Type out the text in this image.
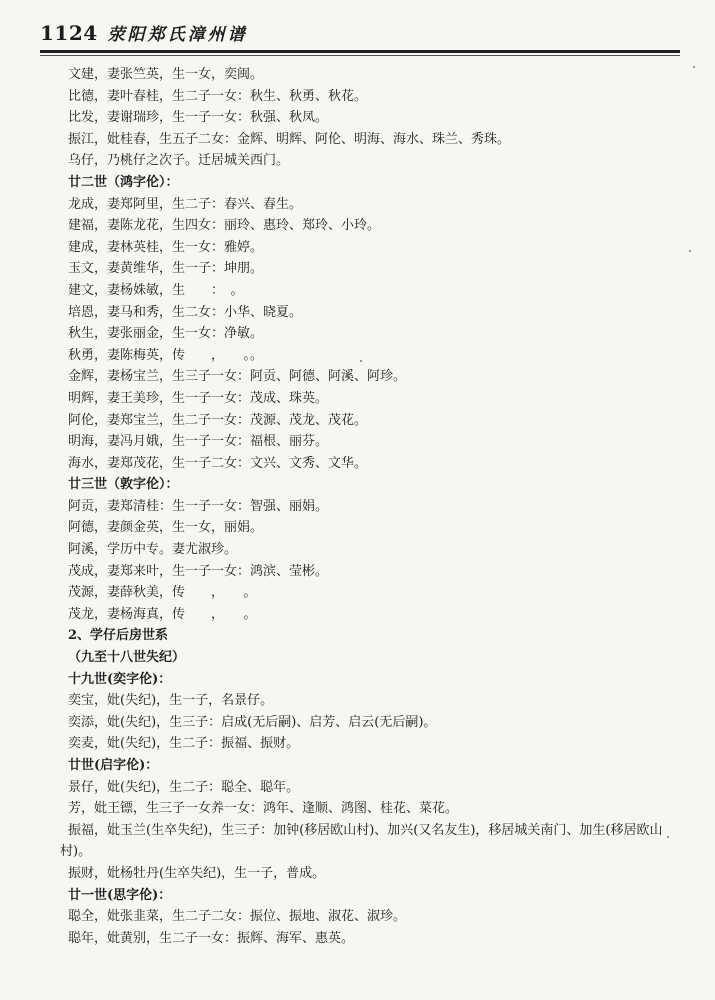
1124 荥阳郑氏漳州谱
文建，妻张竺英，生一女，奕闽。
比德，妻叶春桂，生二子一女：秋生、秋勇、秋花。
比发，妻谢瑞珍，生一子一女：秋强、秋凤。
振江，妣桂春，生五子二女：金辉、明辉、阿伦、明海、海水、珠兰、秀珠。
乌仔，乃桃仔之次子。迁居城关西门。
廿二世（鸿字伦）：
龙成，妻郑阿里，生二子：春兴、春生。
建福，妻陈龙花，生四女：丽玲、惠玲、郑玲、小玲。
建成，妻林英桂，生一女：雅婷。
玉文，妻黄维华，生一子：坤朋。
建文，妻杨姝敏，生　　：　。
培恩，妻马和秀，生二女：小华、晓夏。
秋生，妻张丽金，生一女：净敏。
秋勇，妻陈梅英，传　　，　　。。
金辉，妻杨宝兰，生三子一女：阿贡、阿德、阿溪、阿珍。
明辉，妻王美珍，生一子一女：茂成、珠英。
阿伦，妻郑宝兰，生二子一女：茂源、茂龙、茂花。
明海，妻冯月娥，生一子一女：福根、丽芬。
海水，妻郑茂花，生一子二女：文兴、文秀、文华。
廿三世（敦字伦）：
阿贡，妻郑清桂：生一子一女：智强、丽娟。
阿德，妻颜金英，生一女，丽娟。
阿溪，学历中专。妻尤淑珍。
茂成，妻郑来叶，生一子一女：鸿滨、莹彬。
茂源，妻薛秋美，传　　，　　。
茂龙，妻杨海真，传　　，　　。
2、学仔后房世系
（九至十八世失纪）
十九世(奕字伦)：
奕宝，妣(失纪)，生一子，名景仔。
奕添，妣(失纪)，生三子：启成(无后嗣)、启芳、启云(无后嗣)。
奕麦，妣(失纪)，生二子：振福、振财。
廿世(启字伦)：
景仔，妣(失纪)，生二子：聪全、聪年。
芳，妣王镖，生三子一女养一女：鸿年、逢顺、鸿图、桂花、菜花。
振福，妣玉兰(生卒失纪)，生三子：加钟(移居欧山村)、加兴(又名友生)，移居城关南门、加生(移居欧山村)。
振财，妣杨牡丹(生卒失纪)，生一子，普成。
廿一世(思字伦)：
聪全，妣张韭菜，生二子二女：振位、振地、淑花、淑珍。
聪年，妣黄别，生二子一女：振辉、海军、惠英。
